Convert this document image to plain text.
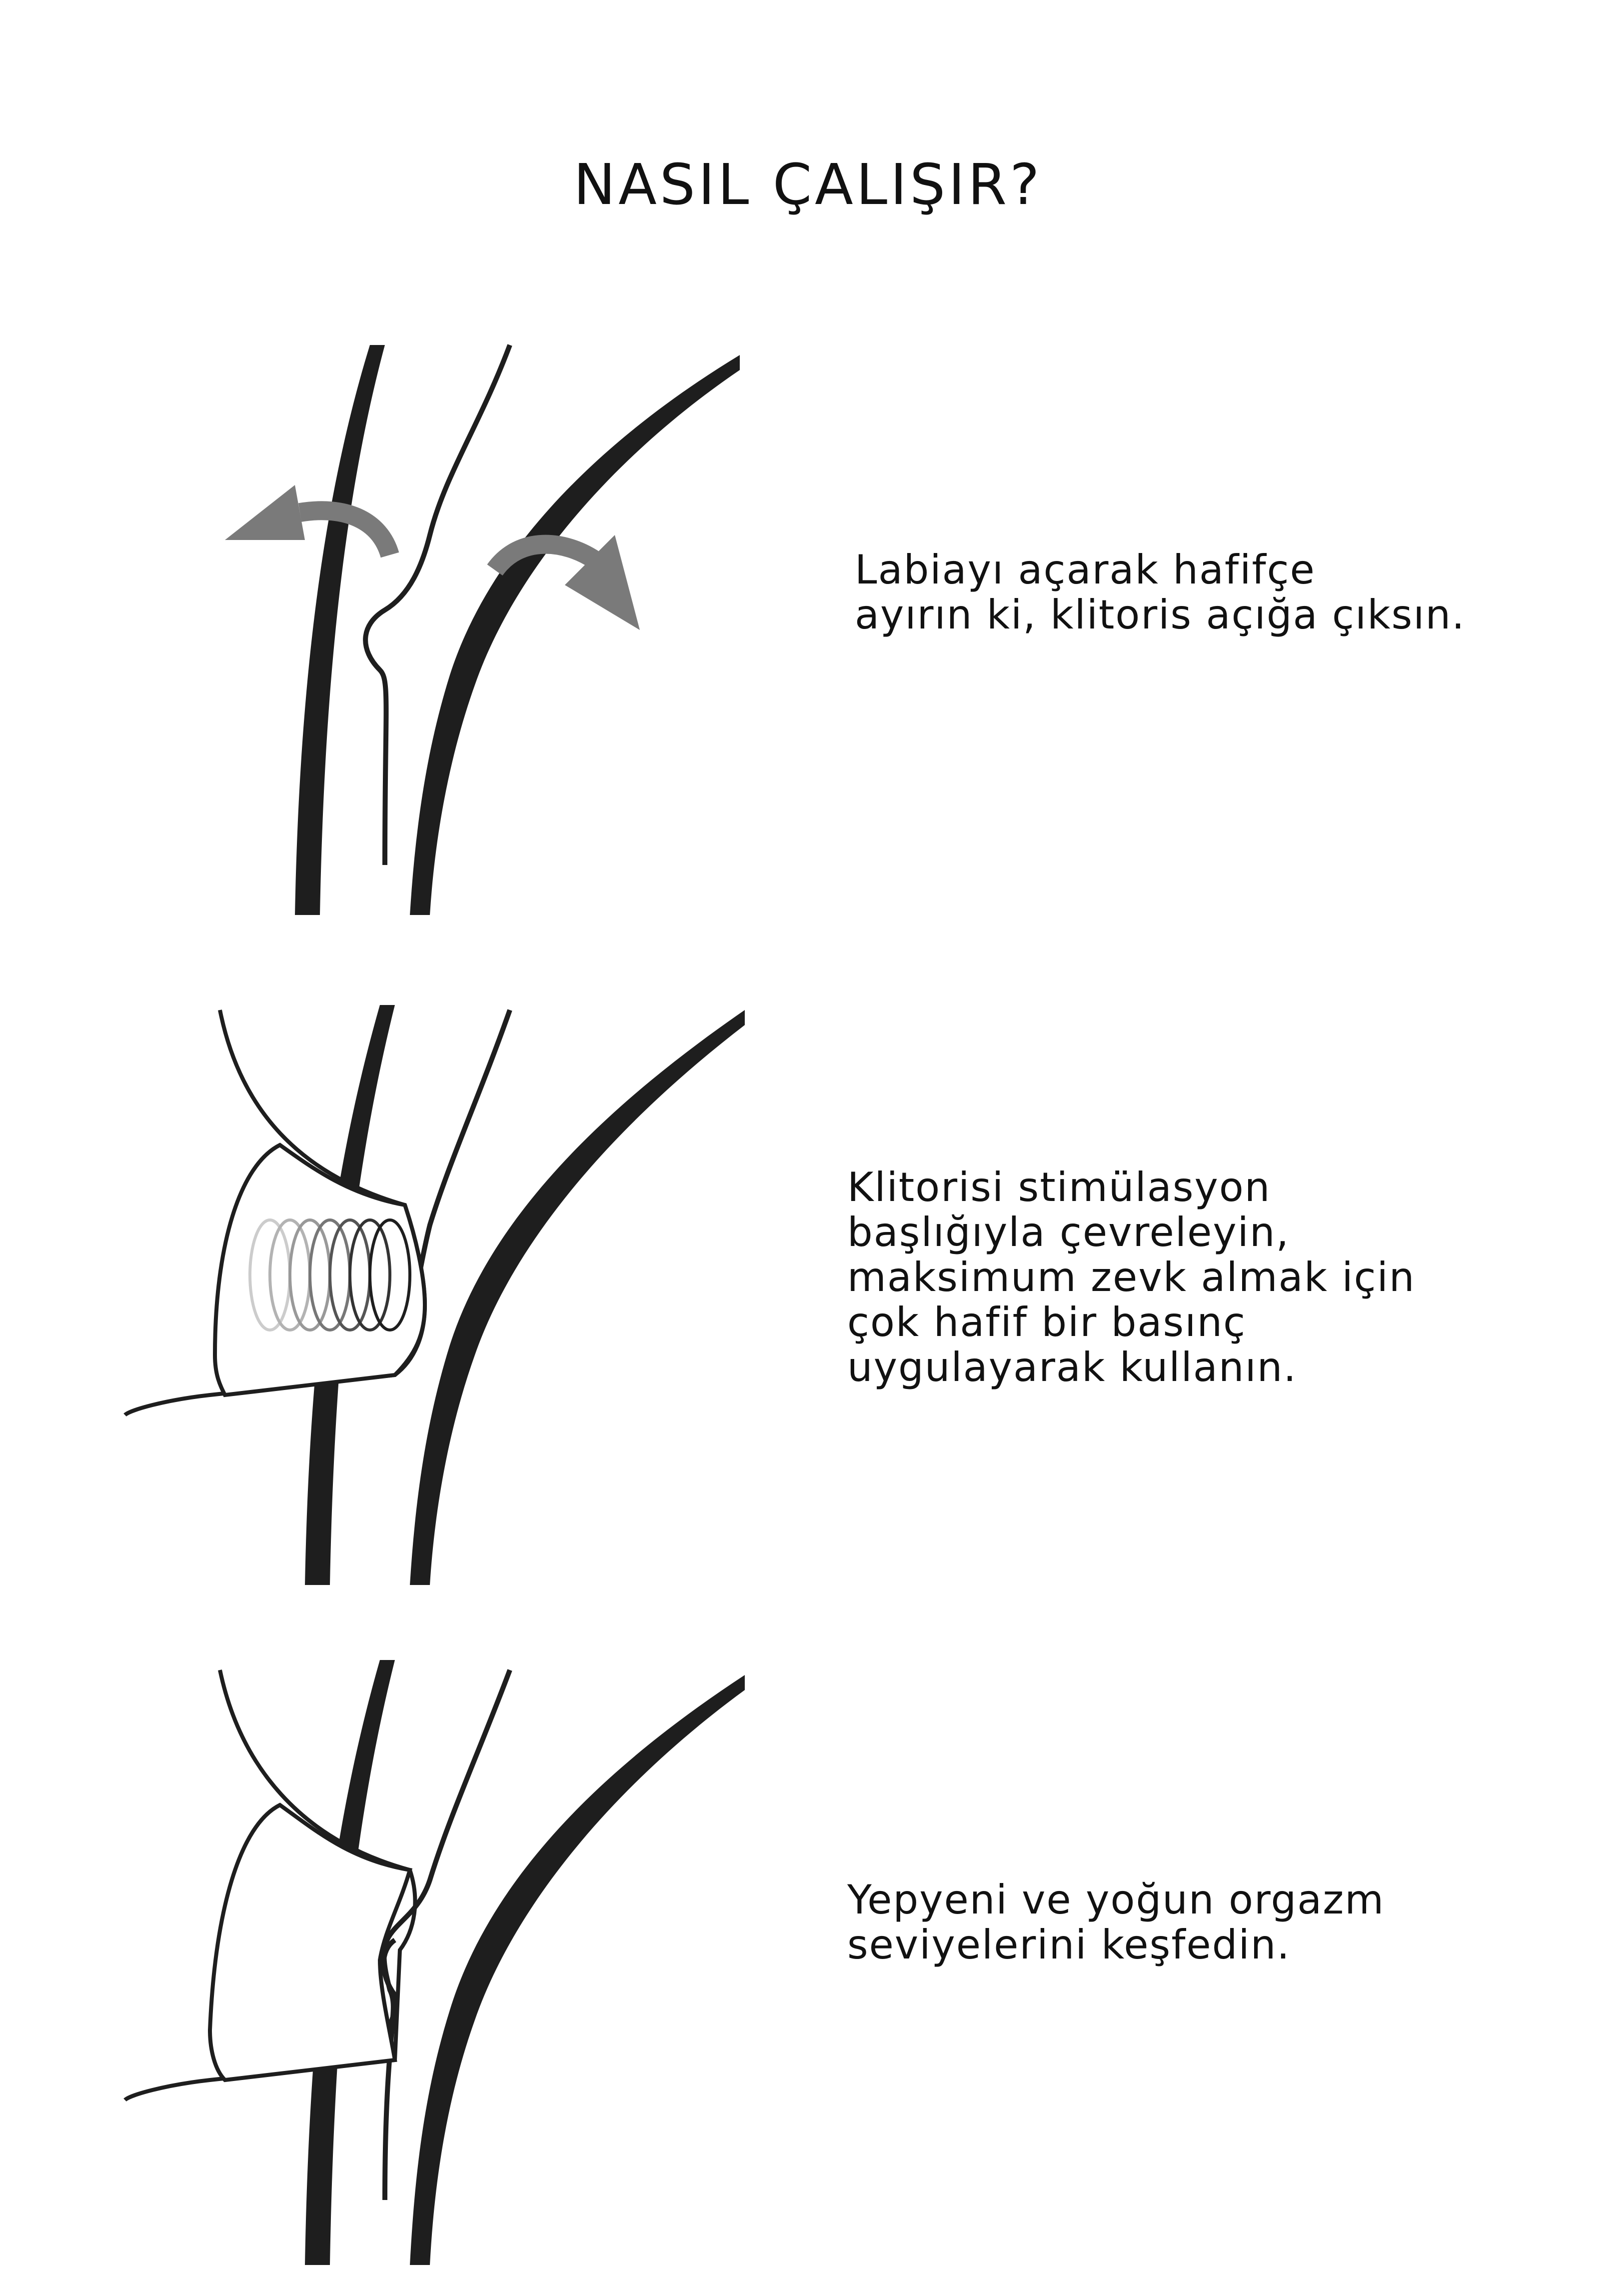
NASIL ÇALIŞIR?

Labiayı açarak hafifçe
ayırın ki, klitoris açığa çıksın.

Klitorisi stimülasyon
başlığıyla çevreleyin,
maksimum zevk almak için
çok hafif bir basınç
uygulayarak kullanın.

Yepyeni ve yoğun orgazm
seviyelerini keşfedin.
